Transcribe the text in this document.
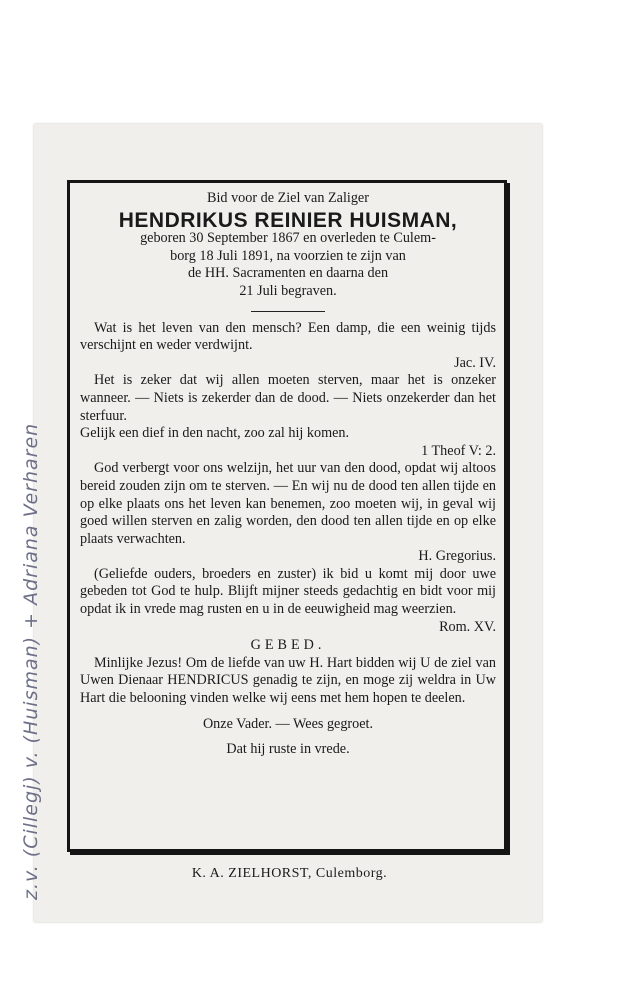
z.v. (Cillegj) v. (Huisman) + Adriana Verharen
Bid voor de Ziel van Zaliger
HENDRIKUS REINIER HUISMAN,
geboren 30 September 1867 en overleden te Culem-
borg 18 Juli 1891, na voorzien te zijn van
de HH. Sacramenten en daarna den
21 Juli begraven.
Wat is het leven van den mensch? Een damp, die een weinig tijds verschijnt en weder verdwijnt.
Jac. IV.
Het is zeker dat wij allen moeten sterven, maar het is onzeker wanneer. — Niets is zekerder dan de dood. — Niets onzekerder dan het sterfuur.
Gelijk een dief in den nacht, zoo zal hij komen.
1 Theof V: 2.
God verbergt voor ons welzijn, het uur van den dood, opdat wij altoos bereid zouden zijn om te sterven. — En wij nu de dood ten allen tijde en op elke plaats ons het leven kan benemen, zoo moeten wij, in geval wij goed willen sterven en zalig worden, den dood ten allen tijde en op elke plaats verwachten.
H. Gregorius.
(Geliefde ouders, broeders en zuster) ik bid u komt mij door uwe gebeden tot God te hulp. Blijft mijner steeds gedachtig en bidt voor mij opdat ik in vrede mag rusten en u in de eeuwigheid mag weerzien.
Rom. XV.
GEBED.
Minlijke Jezus! Om de liefde van uw H. Hart bidden wij U de ziel van Uwen Dienaar HENDRICUS genadig te zijn, en moge zij weldra in Uw Hart die belooning vinden welke wij eens met hem hopen te deelen.
Onze Vader. — Wees gegroet.
Dat hij ruste in vrede.
K. A. ZIELHORST, Culemborg.
